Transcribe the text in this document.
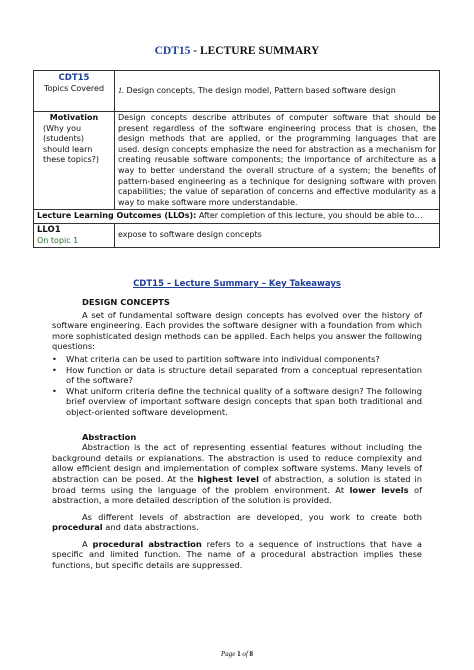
CDT15 - LECTURE SUMMARY
CDT15
Topics Covered	1. Design concepts, The design model, Pattern based software design

Motivation
(Why you (students) should learn these topics?)	Design concepts describe attributes of computer software that should be present regardless of the software engineering process that is chosen, the design methods that are applied, or the programming languages that are used. design concepts emphasize the need for abstraction as a mechanism for creating reusable software components; the importance of architecture as a way to better understand the overall structure of a system; the benefits of pattern-based engineering as a technique for designing software with proven capabilities; the value of separation of concerns and effective modularity as a way to make software more understandable.
Lecture Learning Outcomes (LLOs): After completion of this lecture, you should be able to…	

LLO1
On topic 1	expose to software design concepts
CDT15 – Lecture Summary – Key Takeaways

DESIGN CONCEPTS

A set of fundamental software design concepts has evolved over the history of software engineering. Each provides the software designer with a foundation from which more sophisticated design methods can be applied. Each helps you answer the following questions:

• What criteria can be used to partition software into individual components?
• How function or data is structure detail separated from a conceptual representation of the software?
• What uniform criteria define the technical quality of a software design? The following brief overview of important software design concepts that span both traditional and object-oriented software development.

Abstraction

Abstraction is the act of representing essential features without including the background details or explanations. The abstraction is used to reduce complexity and allow efficient design and implementation of complex software systems. Many levels of abstraction can be posed. At the highest level of abstraction, a solution is stated in broad terms using the language of the problem environment. At lower levels of abstraction, a more detailed description of the solution is provided.

As different levels of abstraction are developed, you work to create both procedural and data abstractions.

A procedural abstraction refers to a sequence of instructions that have a specific and limited function. The name of a procedural abstraction implies these functions, but specific details are suppressed.

Page 1 of 8
